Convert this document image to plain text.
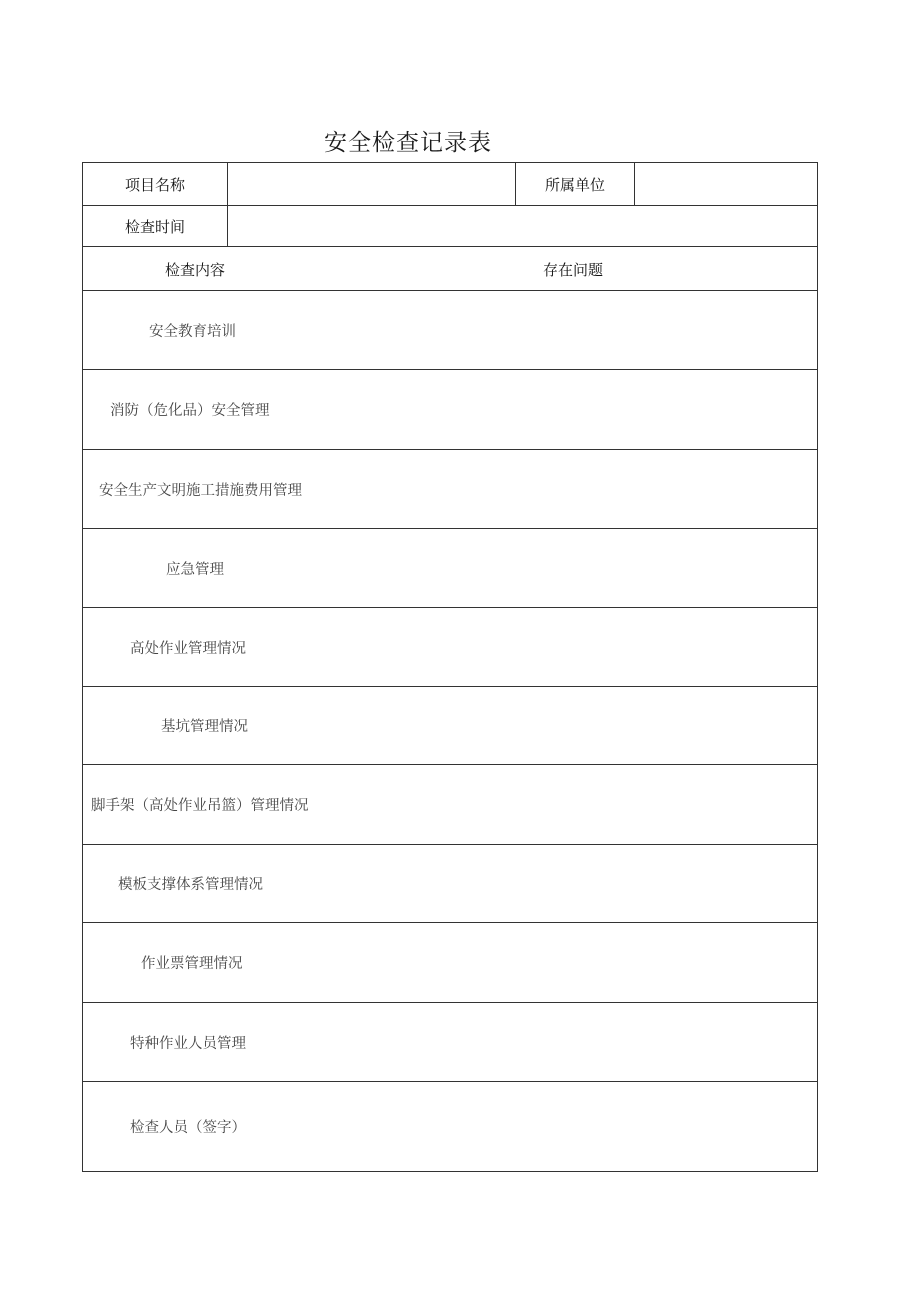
安全检查记录表
项目名称		所属单位	
检查时间			

检查内容 存在问题			

安全教育培训			

消防（危化品）安全管理			

安全生产文明施工措施费用管理			

应急管理			

高处作业管理情况			

基坑管理情况			

脚手架（高处作业吊篮）管理情况			

模板支撑体系管理情况			

作业票管理情况			

特种作业人员管理			

检查人员（签字）			
